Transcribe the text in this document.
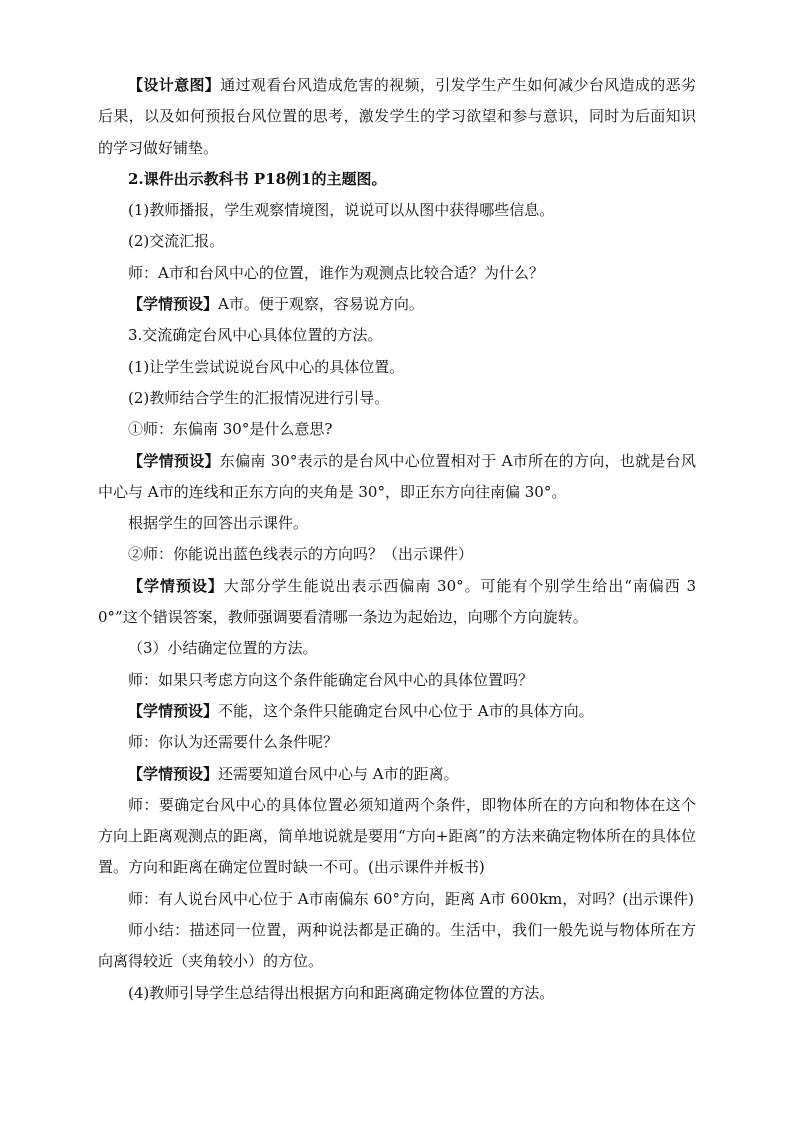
【设计意图】通过观看台风造成危害的视频，引发学生产生如何减少台风造成的恶劣后果，以及如何预报台风位置的思考，激发学生的学习欲望和参与意识，同时为后面知识的学习做好铺垫。

2.课件出示教科书 P18例1的主题图。

(1)教师播报，学生观察情境图，说说可以从图中获得哪些信息。

(2)交流汇报。

师：A市和台风中心的位置，谁作为观测点比较合适？为什么？

【学情预设】A市。便于观察，容易说方向。

3.交流确定台风中心具体位置的方法。

(1)让学生尝试说说台风中心的具体位置。

(2)教师结合学生的汇报情况进行引导。

①师：东偏南 30°是什么意思?

【学情预设】东偏南 30°表示的是台风中心位置相对于 A市所在的方向，也就是台风中心与 A市的连线和正东方向的夹角是 30°，即正东方向往南偏 30°。

根据学生的回答出示课件。

②师：你能说出蓝色线表示的方向吗？（出示课件）

【学情预设】大部分学生能说出表示西偏南 30°。可能有个别学生给出“南偏西 30°”这个错误答案，教师强调要看清哪一条边为起始边，向哪个方向旋转。

（3）小结确定位置的方法。

师：如果只考虑方向这个条件能确定台风中心的具体位置吗？

【学情预设】不能，这个条件只能确定台风中心位于 A市的具体方向。

师：你认为还需要什么条件呢？

【学情预设】还需要知道台风中心与 A市的距离。

师：要确定台风中心的具体位置必须知道两个条件，即物体所在的方向和物体在这个方向上距离观测点的距离，简单地说就是要用“方向+距离”的方法来确定物体所在的具体位置。方向和距离在确定位置时缺一不可。(出示课件并板书)

师：有人说台风中心位于 A市南偏东 60°方向，距离 A市 600km，对吗？(出示课件)

师小结：描述同一位置，两种说法都是正确的。生活中，我们一般先说与物体所在方向离得较近（夹角较小）的方位。

(4)教师引导学生总结得出根据方向和距离确定物体位置的方法。
